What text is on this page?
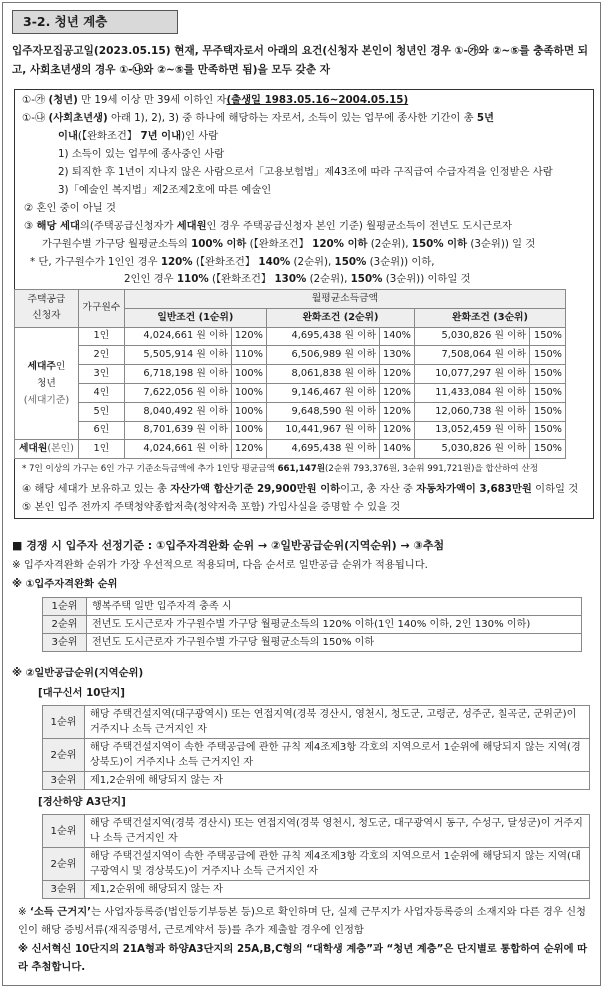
3-2. 청년 계층
입주자모집공고일(2023.05.15) 현재, 무주택자로서 아래의 요건(신청자 본인이 청년인 경우 ①-㉮와 ②~⑤를 충족하면 되고, 사회초년생의 경우 ①-㉯와 ②~⑤를 만족하면 됨)을 모두 갖춘 자
①-㉮ (청년) 만 19세 이상 만 39세 이하인 자(출생일 1983.05.16~2004.05.15)
①-㉯ (사회초년생) 아래 1), 2), 3) 중 하나에 해당하는 자로서, 소득이 있는 업무에 종사한 기간이 총 5년
이내(【완화조건】 7년 이내)인 사람
1) 소득이 있는 업무에 종사중인 사람
2) 퇴직한 후 1년이 지나지 않은 사람으로서「고용보험법」제43조에 따라 구직급여 수급자격을 인정받은 사람
3)「예술인 복지법」제2조제2호에 따른 예술인
② 혼인 중이 아닐 것
③ 해당 세대의(주택공급신청자가 세대원인 경우 주택공급신청자 본인 기준) 월평균소득이 전년도 도시근로자
가구원수별 가구당 월평균소득의 100% 이하 (【완화조건】 120% 이하 (2순위), 150% 이하 (3순위)) 일 것
* 단, 가구원수가 1인인 경우 120% (【완화조건】 140% (2순위), 150% (3순위)) 이하,
2인인 경우 110% (【완화조건】 130% (2순위), 150% (3순위)) 이하일 것
주택공급
신청자	가구원수	월평균소득금액					
		일반조건 (1순위)		완화조건 (2순위)		완화조건 (3순위)	
세대주인
청년
(세대기준)	1인	4,024,661 원 이하	120%	4,695,438 원 이하	140%	5,030,826 원 이하	150%
	2인	5,505,914 원 이하	110%	6,506,989 원 이하	130%	7,508,064 원 이하	150%
	3인	6,718,198 원 이하	100%	8,061,838 원 이하	120%	10,077,297 원 이하	150%
	4인	7,622,056 원 이하	100%	9,146,467 원 이하	120%	11,433,084 원 이하	150%
	5인	8,040,492 원 이하	100%	9,648,590 원 이하	120%	12,060,738 원 이하	150%
	6인	8,701,639 원 이하	100%	10,441,967 원 이하	120%	13,052,459 원 이하	150%
세대원(본인)	1인	4,024,661 원 이하	120%	4,695,438 원 이하	140%	5,030,826 원 이하	150%
* 7인 이상의 가구는 6인 가구 기준소득금액에 추가 1인당 평균금액 661,147원(2순위 793,376원, 3순위 991,721원)을 합산하여 산정
④ 해당 세대가 보유하고 있는 총 자산가액 합산기준 29,900만원 이하이고, 총 자산 중 자동차가액이 3,683만원 이하일 것
⑤ 본인 입주 전까지 주택청약종합저축(청약저축 포함) 가입사실을 증명할 수 있을 것
■ 경쟁 시 입주자 선정기준 : ①입주자격완화 순위 → ②일반공급순위(지역순위) → ③추첨
※ 입주자격완화 순위가 가장 우선적으로 적용되며, 다음 순서로 일반공급 순위가 적용됩니다.
※ ①입주자격완화 순위
1순위	행복주택 일반 입주자격 충족 시
2순위	전년도 도시근로자 가구원수별 가구당 월평균소득의 120% 이하(1인 140% 이하, 2인 130% 이하)
3순위	전년도 도시근로자 가구원수별 가구당 월평균소득의 150% 이하
※ ②일반공급순위(지역순위)
[대구신서 10단지]
1순위	해당 주택건설지역(대구광역시) 또는 연접지역(경북 경산시, 영천시, 청도군, 고령군, 성주군, 칠곡군, 군위군)이 거주지나 소득 근거지인 자
2순위	해당 주택건설지역이 속한 주택공급에 관한 규칙 제4조제3항 각호의 지역으로서 1순위에 해당되지 않는 지역(경상북도)이 거주지나 소득 근거지인 자
3순위	제1,2순위에 해당되지 않는 자
[경산하양 A3단지]
1순위	해당 주택건설지역(경북 경산시) 또는 연접지역(경북 영천시, 청도군, 대구광역시 동구, 수성구, 달성군)이 거주지나 소득 근거지인 자
2순위	해당 주택건설지역이 속한 주택공급에 관한 규칙 제4조제3항 각호의 지역으로서 1순위에 해당되지 않는 지역(대구광역시 및 경상북도)이 거주지나 소득 근거지인 자
3순위	제1,2순위에 해당되지 않는 자
※ ‘소득 근거지’는 사업자등록증(법인등기부등본 등)으로 확인하며 단, 실제 근무지가 사업자등록증의 소재지와 다른 경우 신청인이 해당 증빙서류(재직증명서, 근로계약서 등)를 추가 제출할 경우에 인정함
※ 신서혁신 10단지의 21A형과 하양A3단지의 25A,B,C형의 “대학생 계층”과 “청년 계층”은 단지별로 통합하여 순위에 따라 추첨합니다.
